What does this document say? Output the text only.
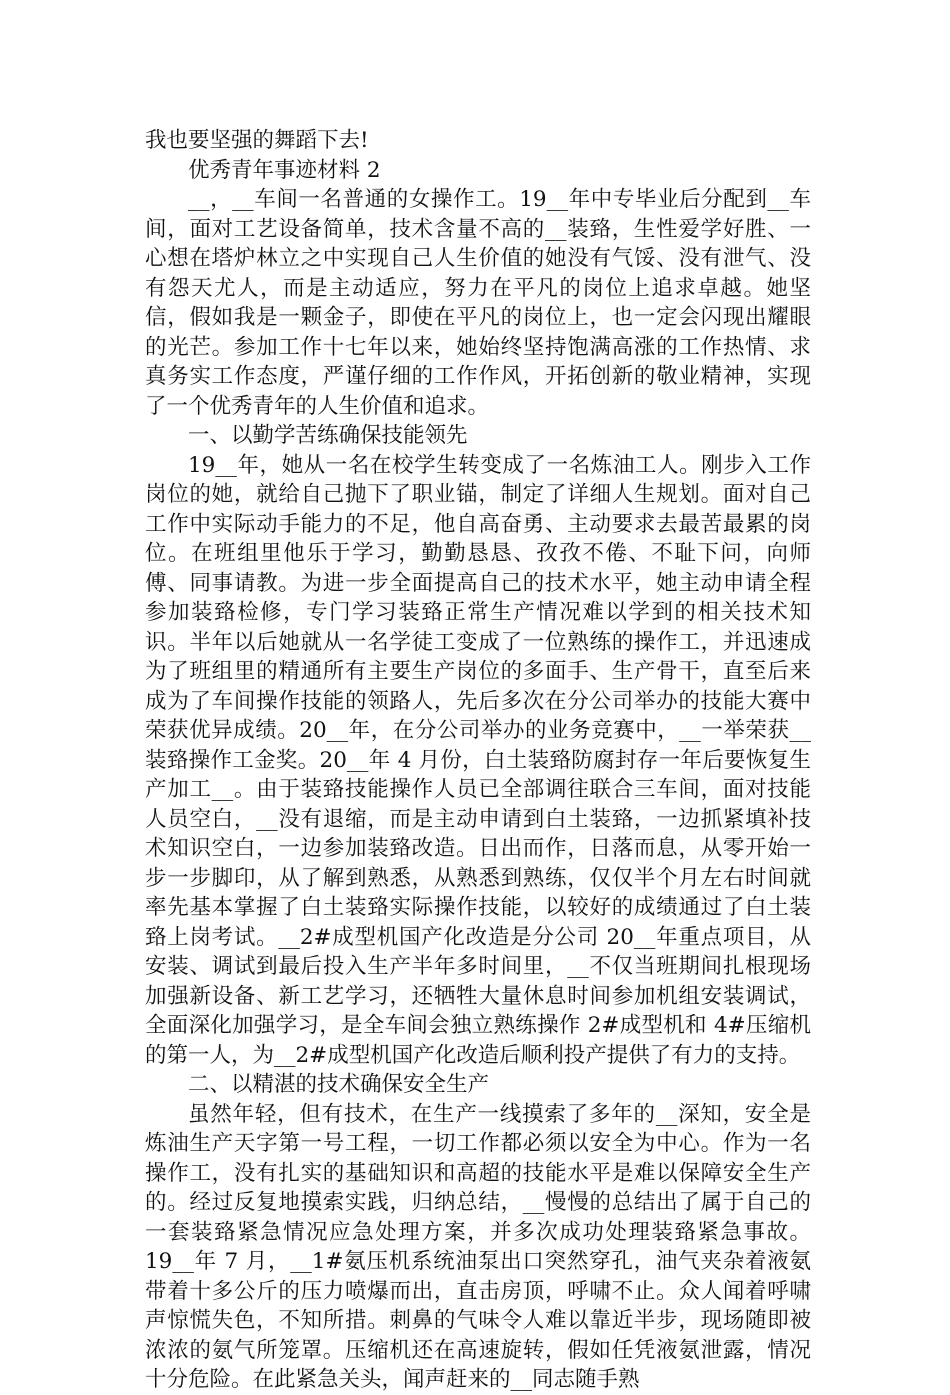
我也要坚强的舞蹈下去!

优秀青年事迹材料 2

__，__车间一名普通的女操作工。19__年中专毕业后分配到__车间，面对工艺设备简单，技术含量不高的__装臵，生性爱学好胜、一心想在塔炉林立之中实现自己人生价值的她没有气馁、没有泄气、没有怨天尤人，而是主动适应，努力在平凡的岗位上追求卓越。她坚信，假如我是一颗金子，即使在平凡的岗位上，也一定会闪现出耀眼的光芒。参加工作十七年以来，她始终坚持饱满高涨的工作热情、求真务实工作态度，严谨仔细的工作作风，开拓创新的敬业精神，实现了一个优秀青年的人生价值和追求。

一、以勤学苦练确保技能领先

19__年，她从一名在校学生转变成了一名炼油工人。刚步入工作岗位的她，就给自己抛下了职业锚，制定了详细人生规划。面对自己工作中实际动手能力的不足，他自高奋勇、主动要求去最苦最累的岗位。在班组里他乐于学习，勤勤恳恳、孜孜不倦、不耻下问，向师傅、同事请教。为进一步全面提高自己的技术水平，她主动申请全程参加装臵检修，专门学习装臵正常生产情况难以学到的相关技术知识。半年以后她就从一名学徒工变成了一位熟练的操作工，并迅速成为了班组里的精通所有主要生产岗位的多面手、生产骨干，直至后来成为了车间操作技能的领路人，先后多次在分公司举办的技能大赛中荣获优异成绩。20__年，在分公司举办的业务竞赛中，__一举荣获__装臵操作工金奖。20__年 4 月份，白土装臵防腐封存一年后要恢复生产加工__。由于装臵技能操作人员已全部调往联合三车间，面对技能人员空白，__没有退缩，而是主动申请到白土装臵，一边抓紧填补技术知识空白，一边参加装臵改造。日出而作，日落而息，从零开始一步一步脚印，从了解到熟悉，从熟悉到熟练，仅仅半个月左右时间就率先基本掌握了白土装臵实际操作技能，以较好的成绩通过了白土装臵上岗考试。__2#成型机国产化改造是分公司 20__年重点项目，从安装、调试到最后投入生产半年多时间里，__不仅当班期间扎根现场加强新设备、新工艺学习，还牺牲大量休息时间参加机组安装调试，全面深化加强学习，是全车间会独立熟练操作 2#成型机和 4#压缩机的第一人，为__2#成型机国产化改造后顺利投产提供了有力的支持。

二、以精湛的技术确保安全生产

虽然年轻，但有技术，在生产一线摸索了多年的__深知，安全是炼油生产天字第一号工程，一切工作都必须以安全为中心。作为一名操作工，没有扎实的基础知识和高超的技能水平是难以保障安全生产的。经过反复地摸索实践，归纳总结，__慢慢的总结出了属于自己的一套装臵紧急情况应急处理方案，并多次成功处理装臵紧急事故。19__年 7 月，__1#氨压机系统油泵出口突然穿孔，油气夹杂着液氨带着十多公斤的压力喷爆而出，直击房顶，呼啸不止。众人闻着呼啸声惊慌失色，不知所措。刺鼻的气味令人难以靠近半步，现场随即被浓浓的氨气所笼罩。压缩机还在高速旋转，假如任凭液氨泄露，情况十分危险。在此紧急关头，闻声赶来的__同志随手熟
